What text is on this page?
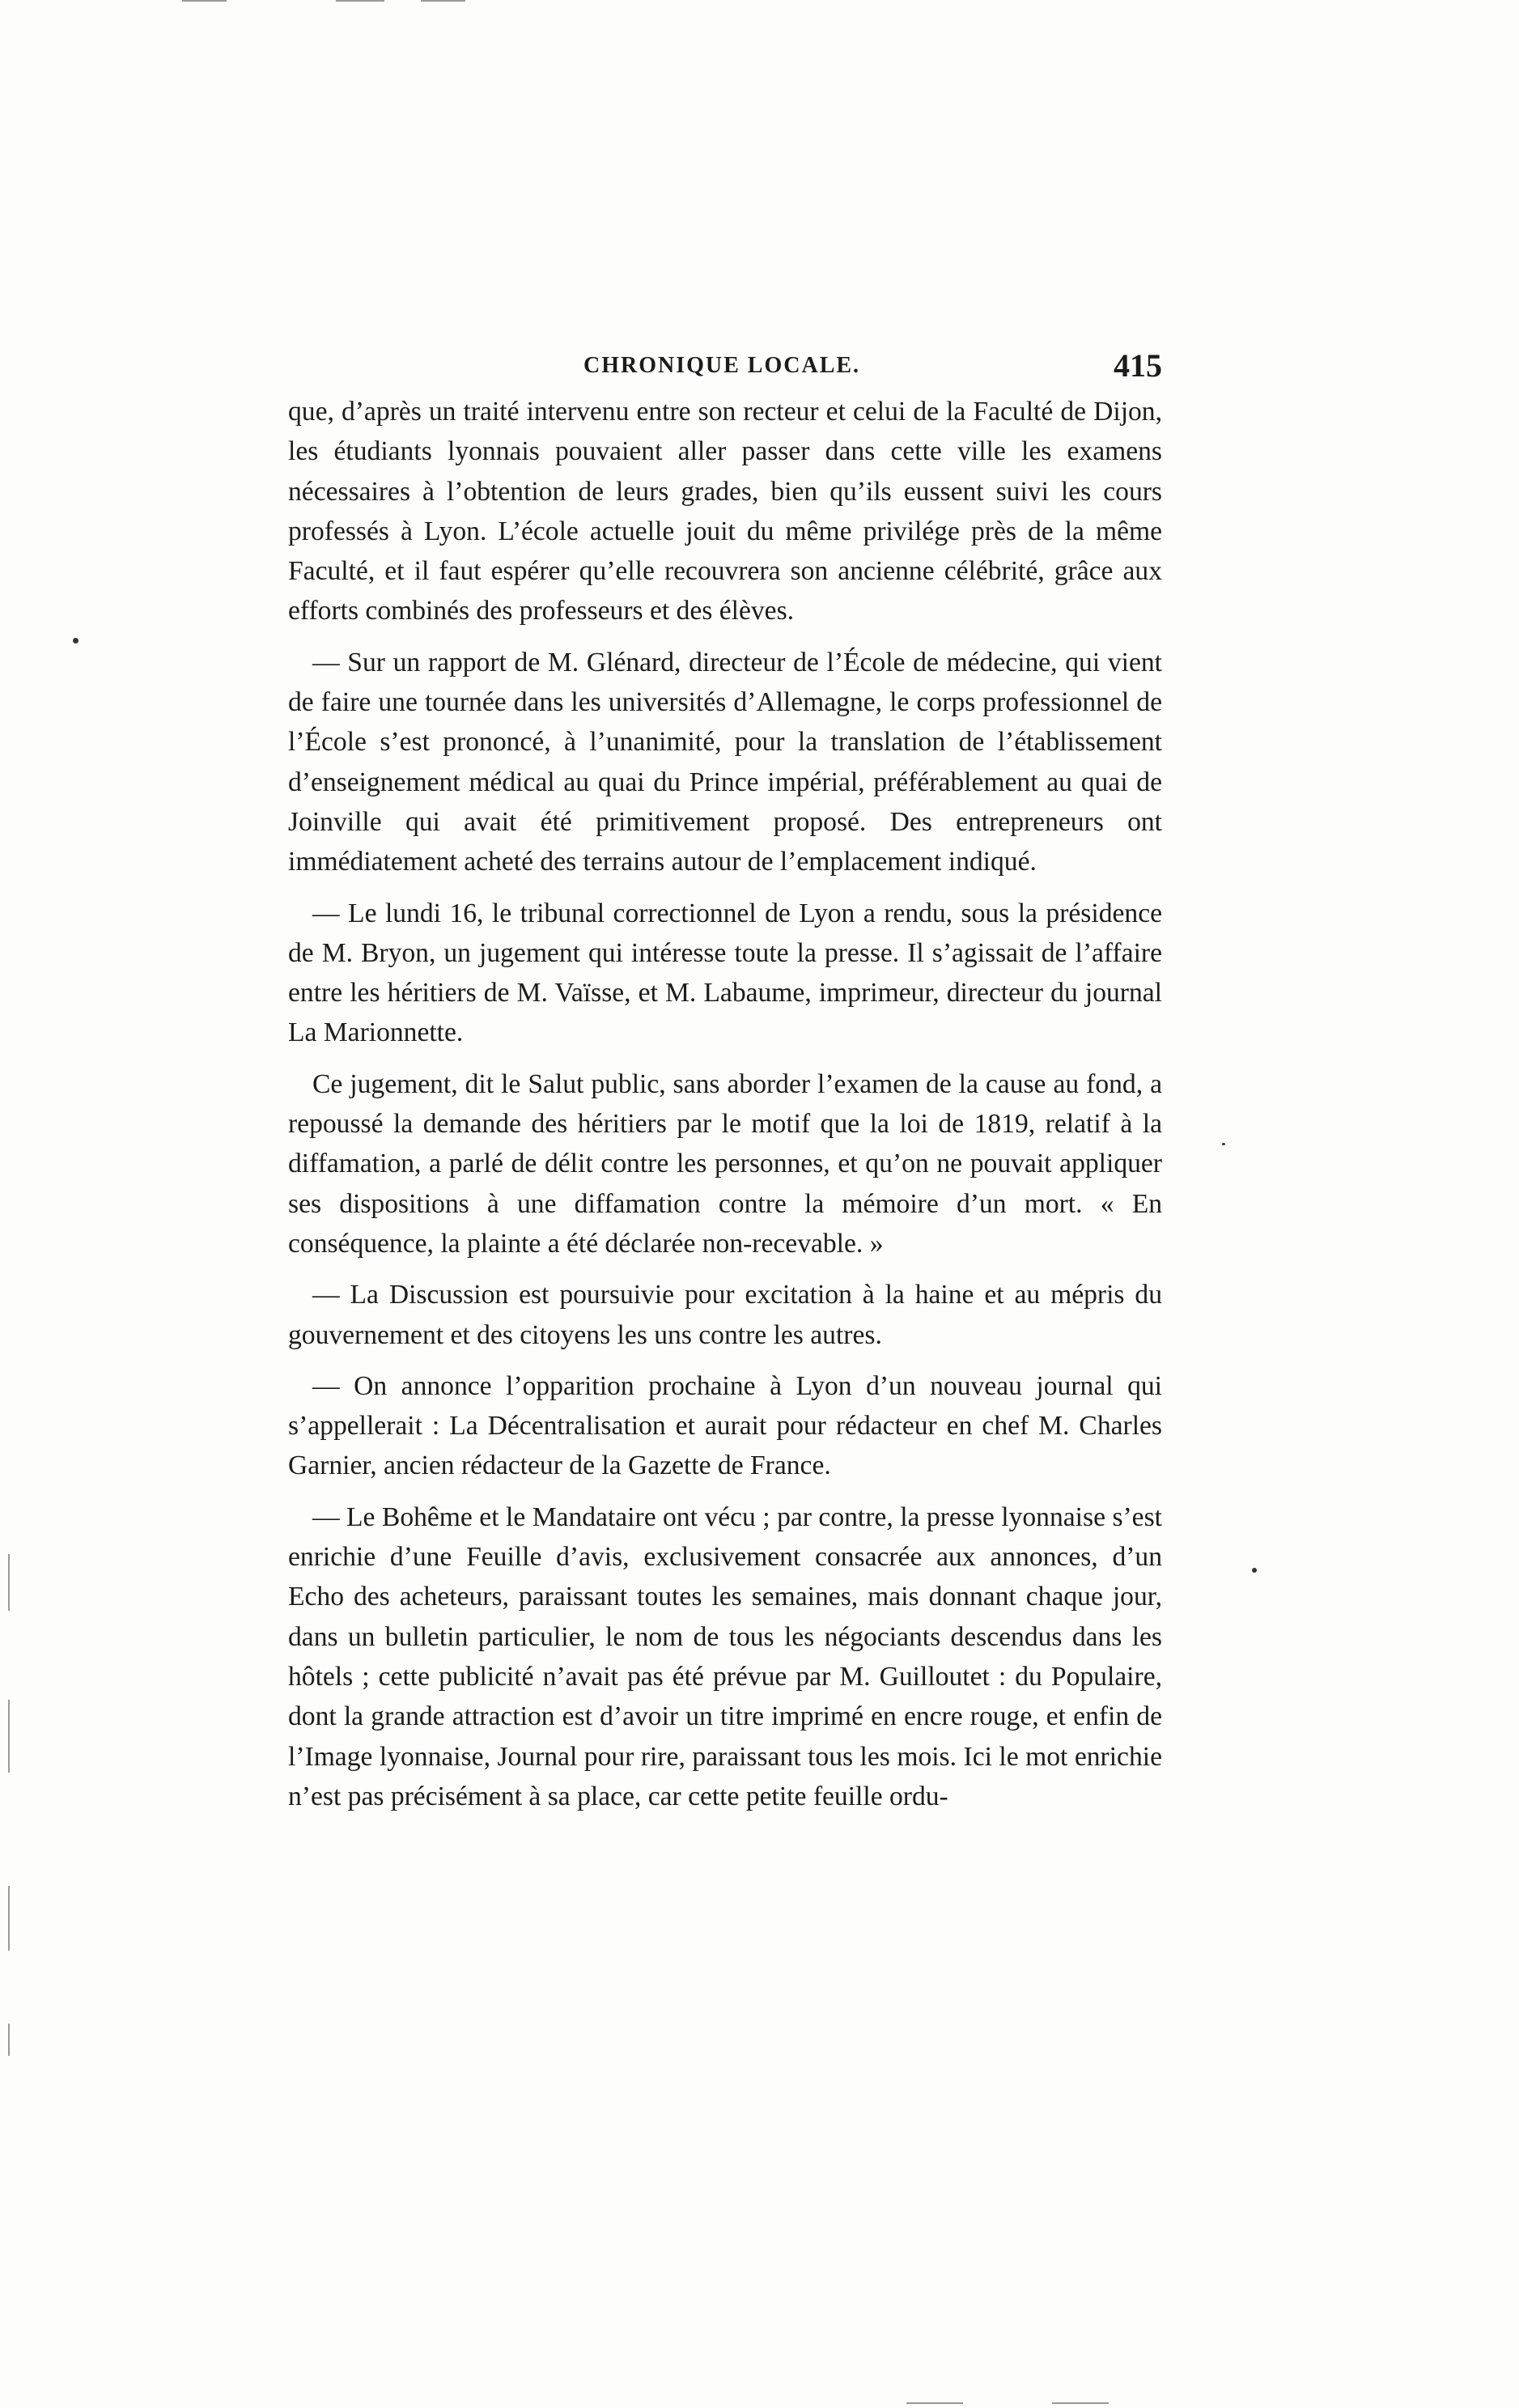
CHRONIQUE LOCALE.	415

que, d’après un traité intervenu entre son recteur et celui de la Faculté de Dijon, les étudiants lyonnais pouvaient aller passer dans cette ville les examens nécessaires à l’obtention de leurs grades, bien qu’ils eussent suivi les cours professés à Lyon. L’école actuelle jouit du même privilége près de la même Faculté, et il faut espérer qu’elle recouvrera son ancienne célébrité, grâce aux efforts combinés des professeurs et des élèves.

— Sur un rapport de M. Glénard, directeur de l’École de médecine, qui vient de faire une tournée dans les universités d’Allemagne, le corps professionnel de l’École s’est prononcé, à l’unanimité, pour la translation de l’établissement d’enseignement médical au quai du Prince impérial, préférablement au quai de Joinville qui avait été primitivement proposé. Des entrepreneurs ont immédiatement acheté des terrains autour de l’emplacement indiqué.

— Le lundi 16, le tribunal correctionnel de Lyon a rendu, sous la présidence de M. Bryon, un jugement qui intéresse toute la presse. Il s’agissait de l’affaire entre les héritiers de M. Vaïsse, et M. Labaume, imprimeur, directeur du journal La Marionnette.

Ce jugement, dit le Salut public, sans aborder l’examen de la cause au fond, a repoussé la demande des héritiers par le motif que la loi de 1819, relatif à la diffamation, a parlé de délit contre les personnes, et qu’on ne pouvait appliquer ses dispositions à une diffamation contre la mémoire d’un mort. « En conséquence, la plainte a été déclarée non-recevable. »

— La Discussion est poursuivie pour excitation à la haine et au mépris du gouvernement et des citoyens les uns contre les autres.

— On annonce l’opparition prochaine à Lyon d’un nouveau journal qui s’appellerait : La Décentralisation et aurait pour rédacteur en chef M. Charles Garnier, ancien rédacteur de la Gazette de France.

— Le Bohême et le Mandataire ont vécu ; par contre, la presse lyonnaise s’est enrichie d’une Feuille d’avis, exclusivement consacrée aux annonces, d’un Echo des acheteurs, paraissant toutes les semaines, mais donnant chaque jour, dans un bulletin particulier, le nom de tous les négociants descendus dans les hôtels ; cette publicité n’avait pas été prévue par M. Guilloutet : du Populaire, dont la grande attraction est d’avoir un titre imprimé en encre rouge, et enfin de l’Image lyonnaise, Journal pour rire, paraissant tous les mois. Ici le mot enrichie n’est pas précisément à sa place, car cette petite feuille ordu-
